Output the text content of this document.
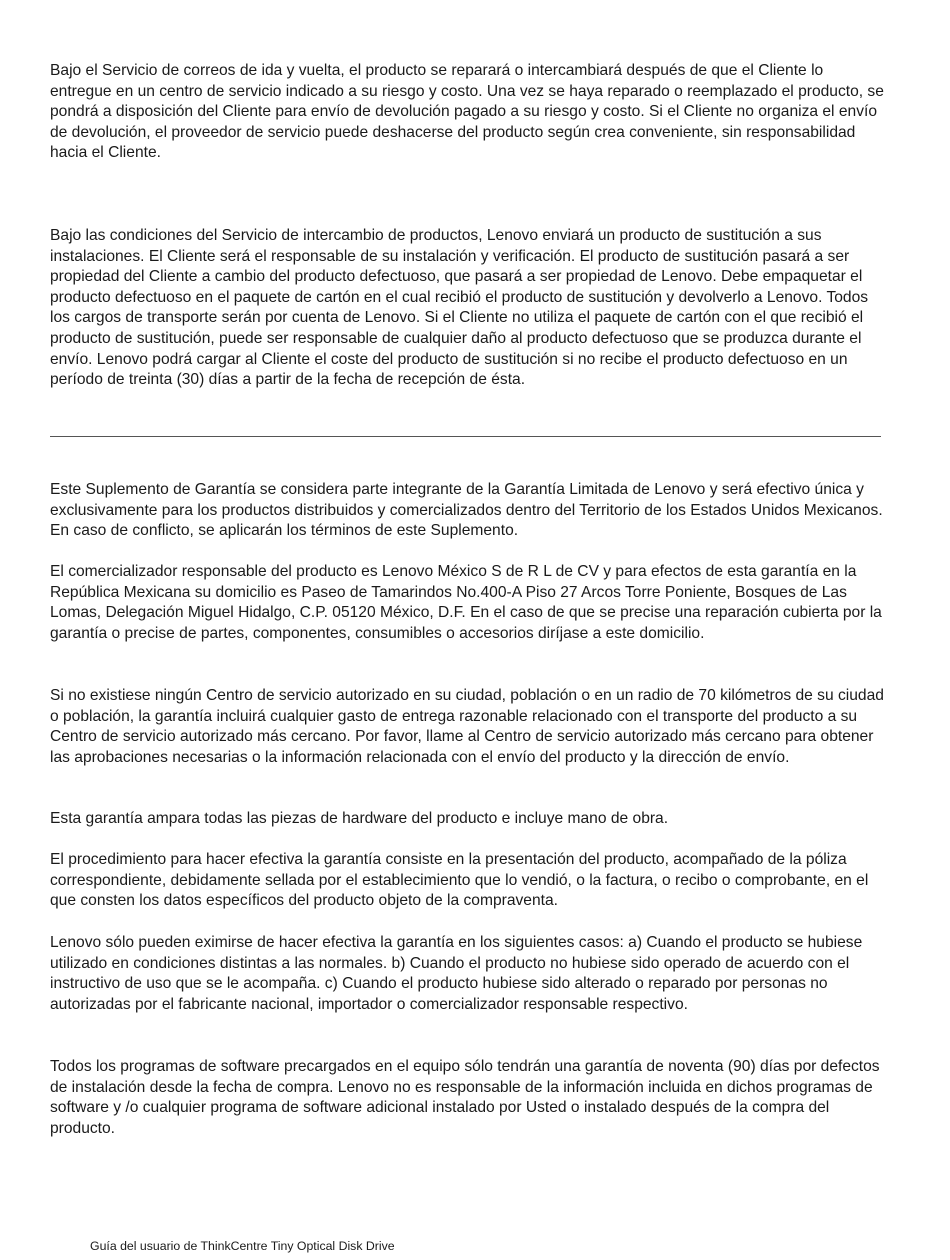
Bajo el Servicio de correos de ida y vuelta, el producto se reparará o intercambiará después de que el Cliente lo entregue en un centro de servicio indicado a su riesgo y costo. Una vez se haya reparado o reemplazado el producto, se pondrá a disposición del Cliente para envío de devolución pagado a su riesgo y costo. Si el Cliente no organiza el envío de devolución, el proveedor de servicio puede deshacerse del producto según crea conveniente, sin responsabilidad hacia el Cliente.

Bajo las condiciones del Servicio de intercambio de productos, Lenovo enviará un producto de sustitución a sus instalaciones. El Cliente será el responsable de su instalación y verificación. El producto de sustitución pasará a ser propiedad del Cliente a cambio del producto defectuoso, que pasará a ser propiedad de Lenovo. Debe empaquetar el producto defectuoso en el paquete de cartón en el cual recibió el producto de sustitución y devolverlo a Lenovo. Todos los cargos de transporte serán por cuenta de Lenovo. Si el Cliente no utiliza el paquete de cartón con el que recibió el producto de sustitución, puede ser responsable de cualquier daño al producto defectuoso que se produzca durante el envío. Lenovo podrá cargar al Cliente el coste del producto de sustitución si no recibe el producto defectuoso en un período de treinta (30) días a partir de la fecha de recepción de ésta.

Este Suplemento de Garantía se considera parte integrante de la Garantía Limitada de Lenovo y será efectivo única y exclusivamente para los productos distribuidos y comercializados dentro del Territorio de los Estados Unidos Mexicanos. En caso de conflicto, se aplicarán los términos de este Suplemento.

El comercializador responsable del producto es Lenovo México S de R L de CV y para efectos de esta garantía en la República Mexicana su domicilio es Paseo de Tamarindos No.400-A Piso 27 Arcos Torre Poniente, Bosques de Las Lomas, Delegación Miguel Hidalgo, C.P. 05120 México, D.F. En el caso de que se precise una reparación cubierta por la garantía o precise de partes, componentes, consumibles o accesorios diríjase a este domicilio.

Si no existiese ningún Centro de servicio autorizado en su ciudad, población o en un radio de 70 kilómetros de su ciudad o población, la garantía incluirá cualquier gasto de entrega razonable relacionado con el transporte del producto a su Centro de servicio autorizado más cercano. Por favor, llame al Centro de servicio autorizado más cercano para obtener las aprobaciones necesarias o la información relacionada con el envío del producto y la dirección de envío.

Esta garantía ampara todas las piezas de hardware del producto e incluye mano de obra.

El procedimiento para hacer efectiva la garantía consiste en la presentación del producto, acompañado de la póliza correspondiente, debidamente sellada por el establecimiento que lo vendió, o la factura, o recibo o comprobante, en el que consten los datos específicos del producto objeto de la compraventa.

Lenovo sólo pueden eximirse de hacer efectiva la garantía en los siguientes casos: a) Cuando el producto se hubiese utilizado en condiciones distintas a las normales. b) Cuando el producto no hubiese sido operado de acuerdo con el instructivo de uso que se le acompaña. c) Cuando el producto hubiese sido alterado o reparado por personas no autorizadas por el fabricante nacional, importador o comercializador responsable respectivo.

Todos los programas de software precargados en el equipo sólo tendrán una garantía de noventa (90) días por defectos de instalación desde la fecha de compra. Lenovo no es responsable de la información incluida en dichos programas de software y /o cualquier programa de software adicional instalado por Usted o instalado después de la compra del producto.

Guía del usuario de ThinkCentre Tiny Optical Disk Drive
